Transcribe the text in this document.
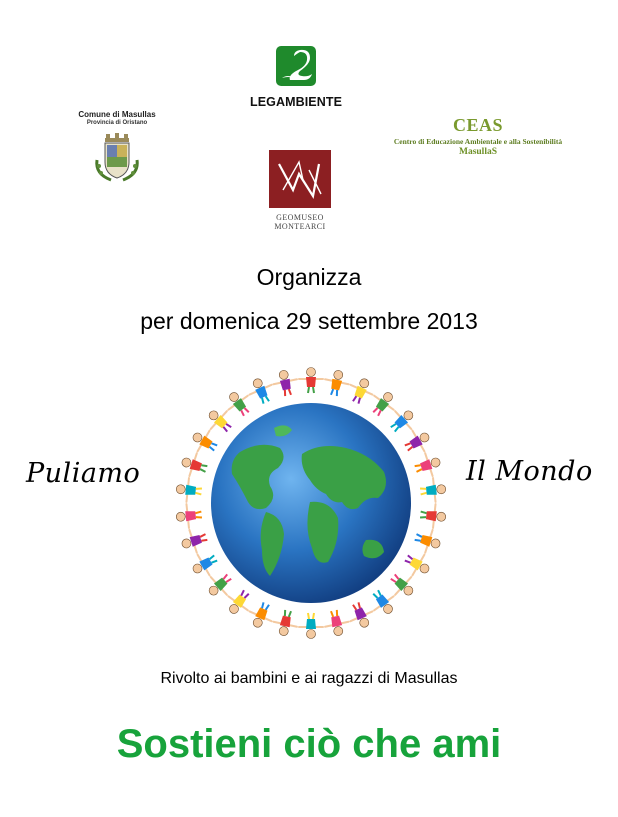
Comune di Masullas
Provincia di Oristano
LEGAMBIENTE
CEAS
Centro di Educazione Ambientale e alla Sostenibilità
MasullaS
GEOMUSEO
MONTEARCI
Organizza
per domenica 29 settembre 2013
Puliamo	Il Mondo
Rivolto ai bambini e ai ragazzi di Masullas
Sostieni ciò che ami
